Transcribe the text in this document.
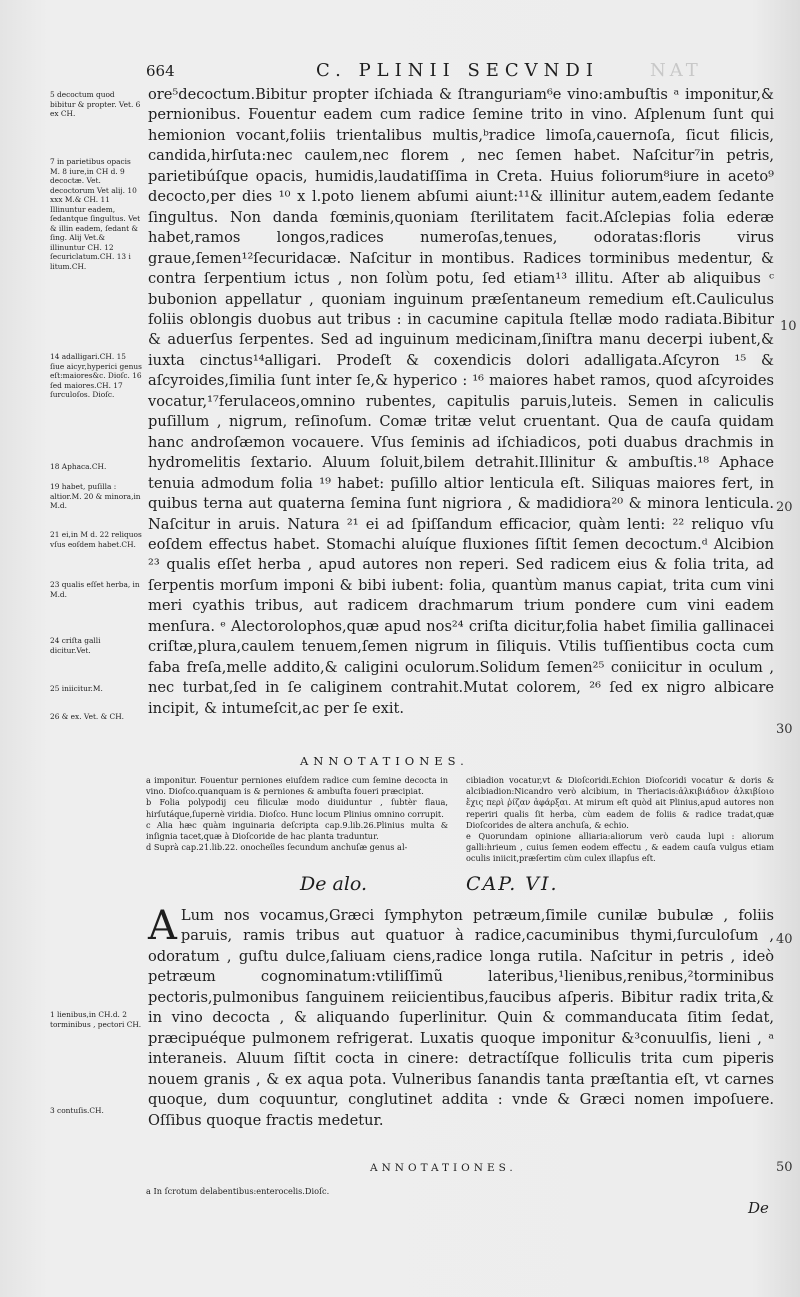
664	C. PLINII SECVNDI	NAT
5 decoctum quod bibitur & propter. Vet. 6 ex CH.
7 in parietibus opacis M. 8 iure,in CH d. 9 decoctæ. Vet. decoctorum Vet alij. 10 xxx M.& CH. 11 Illinuntur eadem, ſedantque ſingultus. Vet & illin eadem, ſedant & ſing. Alij Vet.& illinuntur CH. 12 ſecuriclatum.CH. 13 i litum.CH.
14 adalligari.CH. 15 ſiue aicyr,hyperici genus eſt:maiores&c. Dioſc. 16 ſed maiores.CH. 17 ſurculoſos. Dioſc.
18 Aphaca.CH.
19 habet, puſilla : altior.M. 20 & minora,in M.d.
21 ei,in M d. 22 reliquos vſus eoſdem habet.CH.
23 qualis eſſet herba, in M.d.
24 criſta galli dicitur.Vet.
25 iniicitur.M.
26 & ex. Vet. & CH.

ore⁵decoctum.Bibitur propter iſchiada & ſtranguriam⁶e vino:ambuſtis ᵃ imponitur,& pernionibus. Fouentur eadem cum radice ſemine trito in vino. Aſplenum ſunt qui hemionion vocant,foliis trientalibus multis,ᵇradice limoſa,cauernoſa, ſicut filicis, candida,hirſuta:nec caulem,nec florem , nec ſemen habet. Naſcitur⁷in petris, parietibúſque opacis, humidis,laudatiſſima in Creta. Huius foliorum⁸iure in aceto⁹ decocto,per dies ¹⁰ x l.poto lienem abſumi aiunt:¹¹& illinitur autem,eadem ſedante ſingultus. Non danda fœminis,quoniam ſterilitatem facit.Aſclepias folia ederæ habet,ramos longos,radices numeroſas,tenues, odoratas:floris virus graue,ſemen¹²ſecuridacæ. Naſcitur in montibus. Radices torminibus medentur, & contra ſerpentium ictus , non ſolùm potu, ſed etiam¹³ illitu. Aſter ab aliquibus ᶜ bubonion appellatur , quoniam inguinum præſentaneum remedium eſt.Cauliculus foliis oblongis duobus aut tribus : in cacumine capitula ſtellæ modo radiata.Bibitur & aduerſus ſerpentes. Sed ad inguinum medicinam,ſiniſtra manu decerpi iubent,& iuxta cinctus¹⁴alligari. Prodeſt & coxendicis dolori adalligata.Aſcyron ¹⁵ & aſcyroides,ſimilia ſunt inter ſe,& hyperico : ¹⁶ maiores habet ramos, quod aſcyroides vocatur,¹⁷ferulaceos,omnino rubentes, capitulis paruis,luteis. Semen in caliculis puſillum , nigrum, reſinoſum. Comæ tritæ velut cruentant. Qua de cauſa quidam hanc androſæmon vocauere. Vſus ſeminis ad iſchiadicos, poti duabus drachmis in hydromelitis ſextario. Aluum ſoluit,bilem detrahit.Illinitur & ambuſtis.¹⁸ Aphace tenuia admodum folia ¹⁹ habet: puſillo altior lenticula eſt. Siliquas maiores fert, in quibus terna aut quaterna ſemina ſunt nigriora , & madidiora²⁰ & minora lenticula. Naſcitur in aruis. Natura ²¹ ei ad ſpiſſandum efficacior, quàm lenti: ²² reliquo vſu eoſdem effectus habet. Stomachi aluíque fluxiones ſiſtit ſemen decoctum.ᵈ Alcibion ²³ qualis eſſet herba , apud autores non reperi. Sed radicem eius & folia trita, ad ſerpentis morſum imponi & bibi iubent: folia, quantùm manus capiat, trita cum vini meri cyathis tribus, aut radicem drachmarum trium pondere cum vini eadem menſura. ᵉ Alectorolophos,quæ apud nos²⁴ criſta dicitur,folia habet ſimilia gallinacei criſtæ,plura,caulem tenuem,ſemen nigrum in ſiliquis. Vtilis tuſſientibus cocta cum faba freſa,melle addito,& caligini oculorum.Solidum ſemen²⁵ coniicitur in oculum , nec turbat,ſed in ſe caliginem contrahit.Mutat colorem, ²⁶ ſed ex nigro albicare incipit, & intumeſcit,ac per ſe exit.

10
20
30
40
50
ANNOTATIONES.

a imponitur. Fouentur perniones eiuſdem radice cum ſemine decocta in vino. Dioſco.quanquam is & perniones & ambuſta foueri præcipiat.

b Folia polypodij ceu filiculæ modo diuiduntur , ſubtèr flaua, hirſutáque,ſupernè viridia. Dioſco. Hunc locum Plinius omnino corrupit.

c Alia hæc quàm inguinaria deſcripta cap.9.lib.26.Plinius multa & inſignia tacet,quæ à Dioſcoride de hac planta traduntur.

d Suprà cap.21.lib.22. onocheîles ſecundum anchuſæ genus al-

cibiadion vocatur,vt & Dioſcoridi.Echion Dioſcoridi vocatur & doris & alcibiadion:Nicandro verò alcibium, in Theriacis:ἀλκιβιάδιον ἀλκιβίοιο ἔχις περὶ ῥίζαν ἀφάρξαι. At mirum eſt quòd ait Plinius,apud autores non reperiri qualis ſit herba, cùm eadem de foliis & radice tradat,quæ Dioſcorides de altera anchuſa, & echio.

e Quorundam opinione alliaria:aliorum verò cauda lupi : aliorum galli:hrieum , cuius ſemen eodem effectu , & eadem cauſa vulgus etiam oculis iniicit,præſertim cùm culex illapſus eſt.

De alo.	CAP. VI.
1 lienibus,in CH.d. 2 torminibus , pectori CH.
3 contuſis.CH.

A Lum nos vocamus,Græci ſymphyton petræum,ſimile cunilæ bubulæ , foliis paruis, ramis tribus aut quatuor à radice,cacuminibus thymi,ſurculoſum , odoratum , guſtu dulce,ſaliuam ciens,radice longa rutila. Naſcitur in petris , ideò petræum cognominatum:vtiliſſimũ lateribus,¹lienibus,renibus,²torminibus pectoris,pulmonibus ſanguinem reiicientibus,faucibus aſperis. Bibitur radix trita,& in vino decocta , & aliquando ſuperlinitur. Quin & commanducata ſitim ſedat, præcipuéque pulmonem refrigerat. Luxatis quoque imponitur &³conuulſis, lieni , ᵃ interaneis. Aluum ſiſtit cocta in cinere: detractíſque folliculis trita cum piperis nouem granis , & ex aqua pota. Vulneribus ſanandis tanta præſtantia eſt, vt carnes quoque, dum coquuntur, conglutinet addita : vnde & Græci nomen impoſuere. Oſſibus quoque fractis medetur.

ANNOTATIONES.
a In ſcrotum delabentibus:enterocelis.Dioſc.
De
